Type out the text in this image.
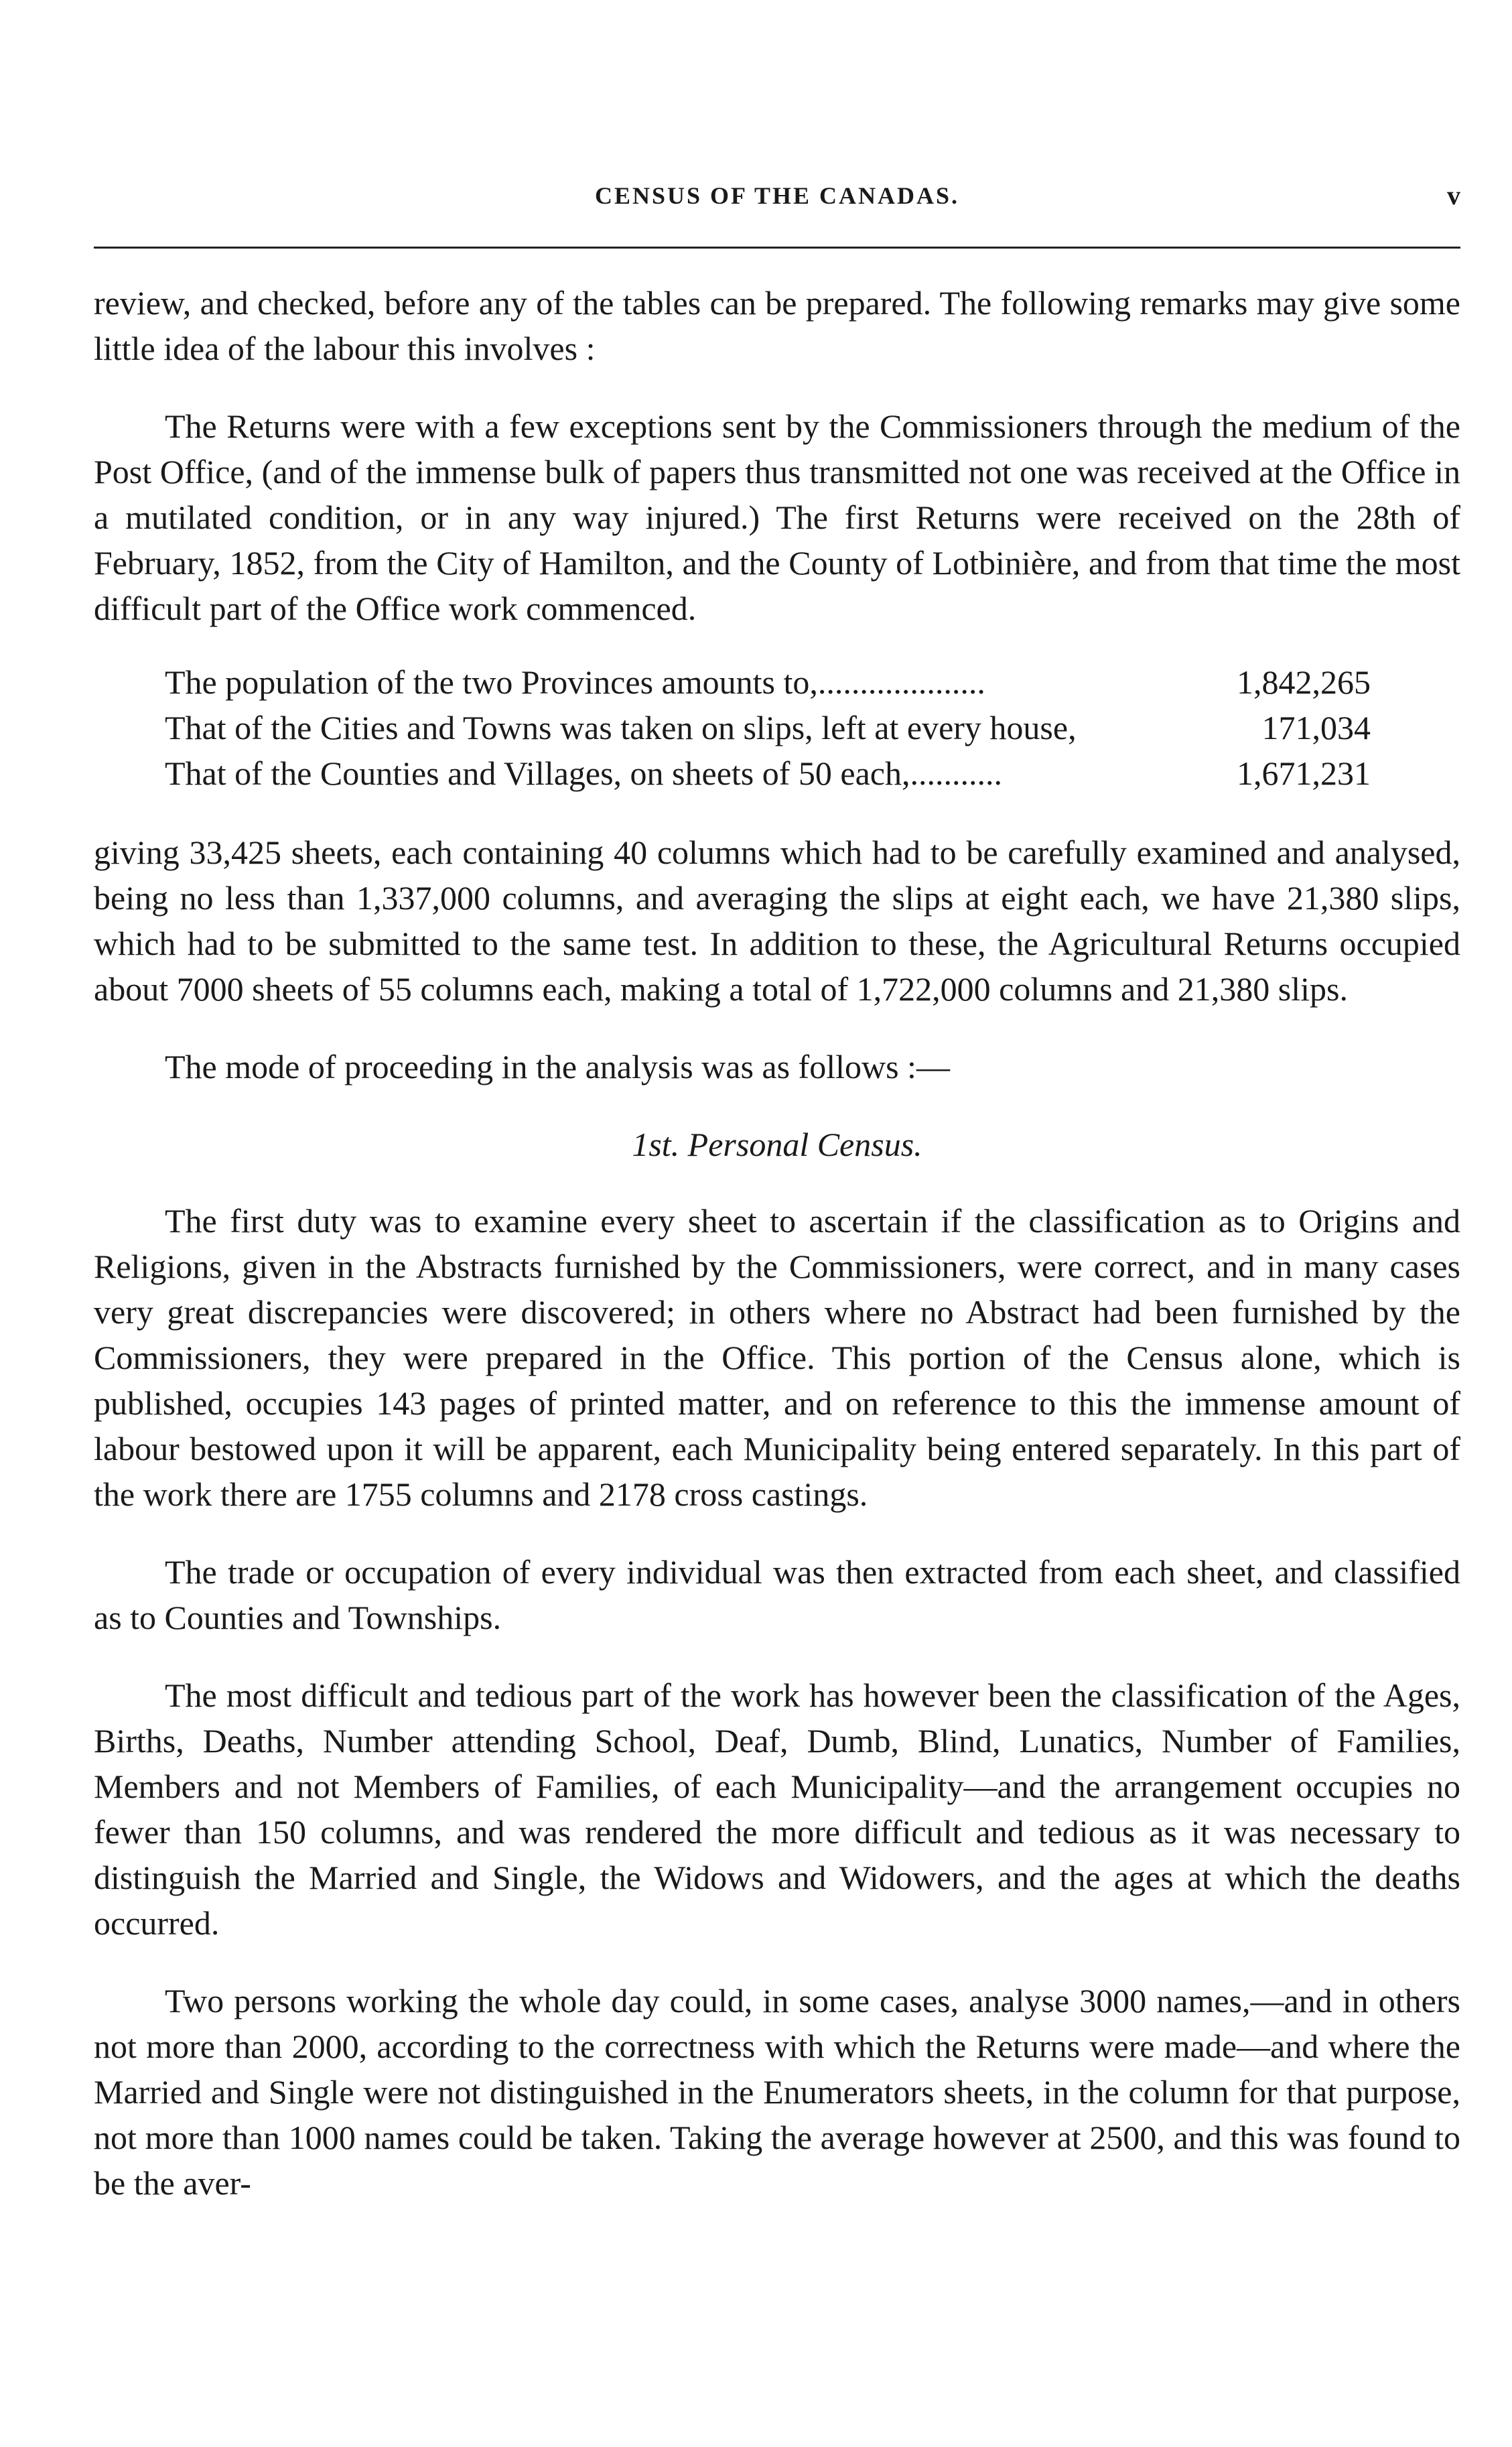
CENSUS OF THE CANADAS.	v

review, and checked, before any of the tables can be prepared. The following remarks may give some little idea of the labour this involves :

The Returns were with a few exceptions sent by the Commissioners through the medium of the Post Office, (and of the immense bulk of papers thus transmitted not one was received at the Office in a mutilated condition, or in any way injured.) The first Returns were received on the 28th of February, 1852, from the City of Hamilton, and the County of Lotbinière, and from that time the most difficult part of the Office work commenced.

The population of the two Provinces amounts to,....................	1,842,265
That of the Cities and Towns was taken on slips, left at every house,	171,034
That of the Counties and Villages, on sheets of 50 each,...........	1,671,231

giving 33,425 sheets, each containing 40 columns which had to be carefully examined and analysed, being no less than 1,337,000 columns, and averaging the slips at eight each, we have 21,380 slips, which had to be submitted to the same test. In addition to these, the Agricultural Returns occupied about 7000 sheets of 55 columns each, making a total of 1,722,000 columns and 21,380 slips.

The mode of proceeding in the analysis was as follows :—

1st. Personal Census.

The first duty was to examine every sheet to ascertain if the classification as to Origins and Religions, given in the Abstracts furnished by the Commissioners, were correct, and in many cases very great discrepancies were discovered; in others where no Abstract had been furnished by the Commissioners, they were prepared in the Office. This portion of the Census alone, which is published, occupies 143 pages of printed matter, and on reference to this the immense amount of labour bestowed upon it will be apparent, each Municipality being entered separately. In this part of the work there are 1755 columns and 2178 cross castings.

The trade or occupation of every individual was then extracted from each sheet, and classified as to Counties and Townships.

The most difficult and tedious part of the work has however been the classification of the Ages, Births, Deaths, Number attending School, Deaf, Dumb, Blind, Lunatics, Number of Families, Members and not Members of Families, of each Municipality—and the arrangement occupies no fewer than 150 columns, and was rendered the more difficult and tedious as it was necessary to distinguish the Married and Single, the Widows and Widowers, and the ages at which the deaths occurred.

Two persons working the whole day could, in some cases, analyse 3000 names,—and in others not more than 2000, according to the correctness with which the Returns were made—and where the Married and Single were not distinguished in the Enumerators sheets, in the column for that purpose, not more than 1000 names could be taken. Taking the average however at 2500, and this was found to be the aver-
